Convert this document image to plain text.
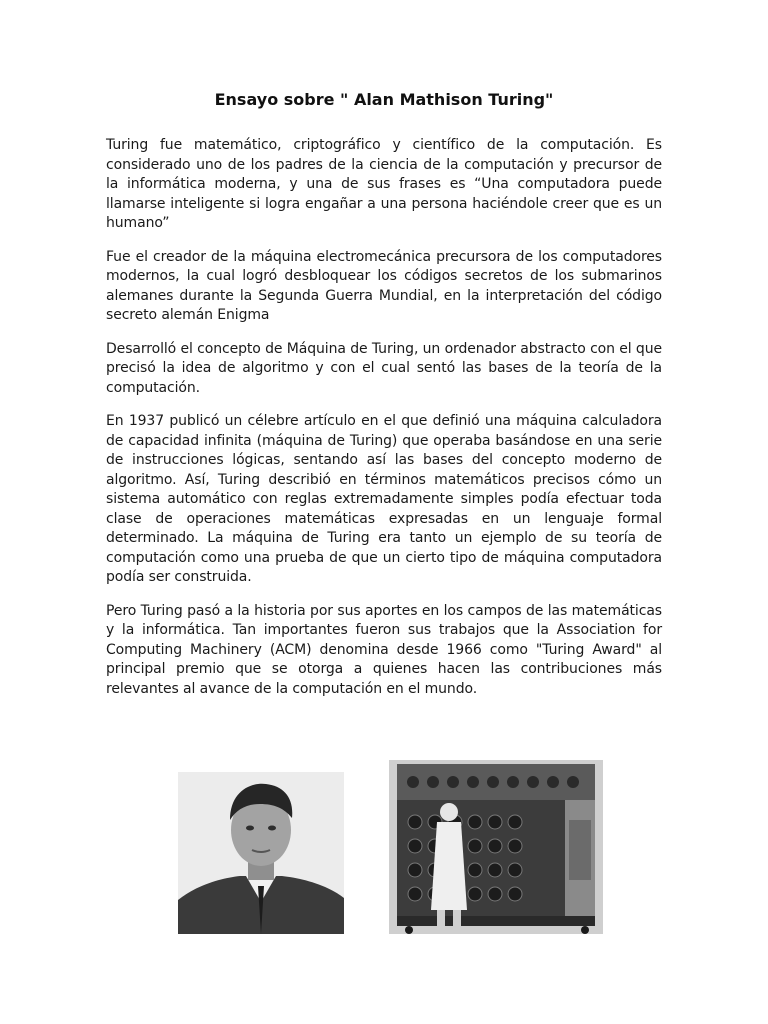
Ensayo sobre " Alan Mathison Turing"

Turing fue matemático, criptográfico y científico de la computación. Es considerado uno de los padres de la ciencia de la computación y precursor de la informática moderna, y una de sus frases es “Una computadora puede llamarse inteligente si logra engañar a una persona haciéndole creer que es un humano”

Fue el creador de la máquina electromecánica precursora de los computadores modernos, la cual logró desbloquear los códigos secretos de los submarinos alemanes durante la Segunda Guerra Mundial, en la interpretación del código secreto alemán Enigma

Desarrolló el concepto de Máquina de Turing, un ordenador abstracto con el que precisó la idea de algoritmo y con el cual sentó las bases de la teoría de la computación.

En 1937 publicó un célebre artículo en el que definió una máquina calculadora de capacidad infinita (máquina de Turing) que operaba basándose en una serie de instrucciones lógicas, sentando así las bases del concepto moderno de algoritmo. Así, Turing describió en términos matemáticos precisos cómo un sistema automático con reglas extremadamente simples podía efectuar toda clase de operaciones matemáticas expresadas en un lenguaje formal determinado. La máquina de Turing era tanto un ejemplo de su teoría de computación como una prueba de que un cierto tipo de máquina computadora podía ser construida.

Pero Turing pasó a la historia por sus aportes en los campos de las matemáticas y la informática. Tan importantes fueron sus trabajos que la Association for Computing Machinery (ACM) denomina desde 1966 como "Turing Award" al principal premio que se otorga a quienes hacen las contribuciones más relevantes al avance de la computación en el mundo.
